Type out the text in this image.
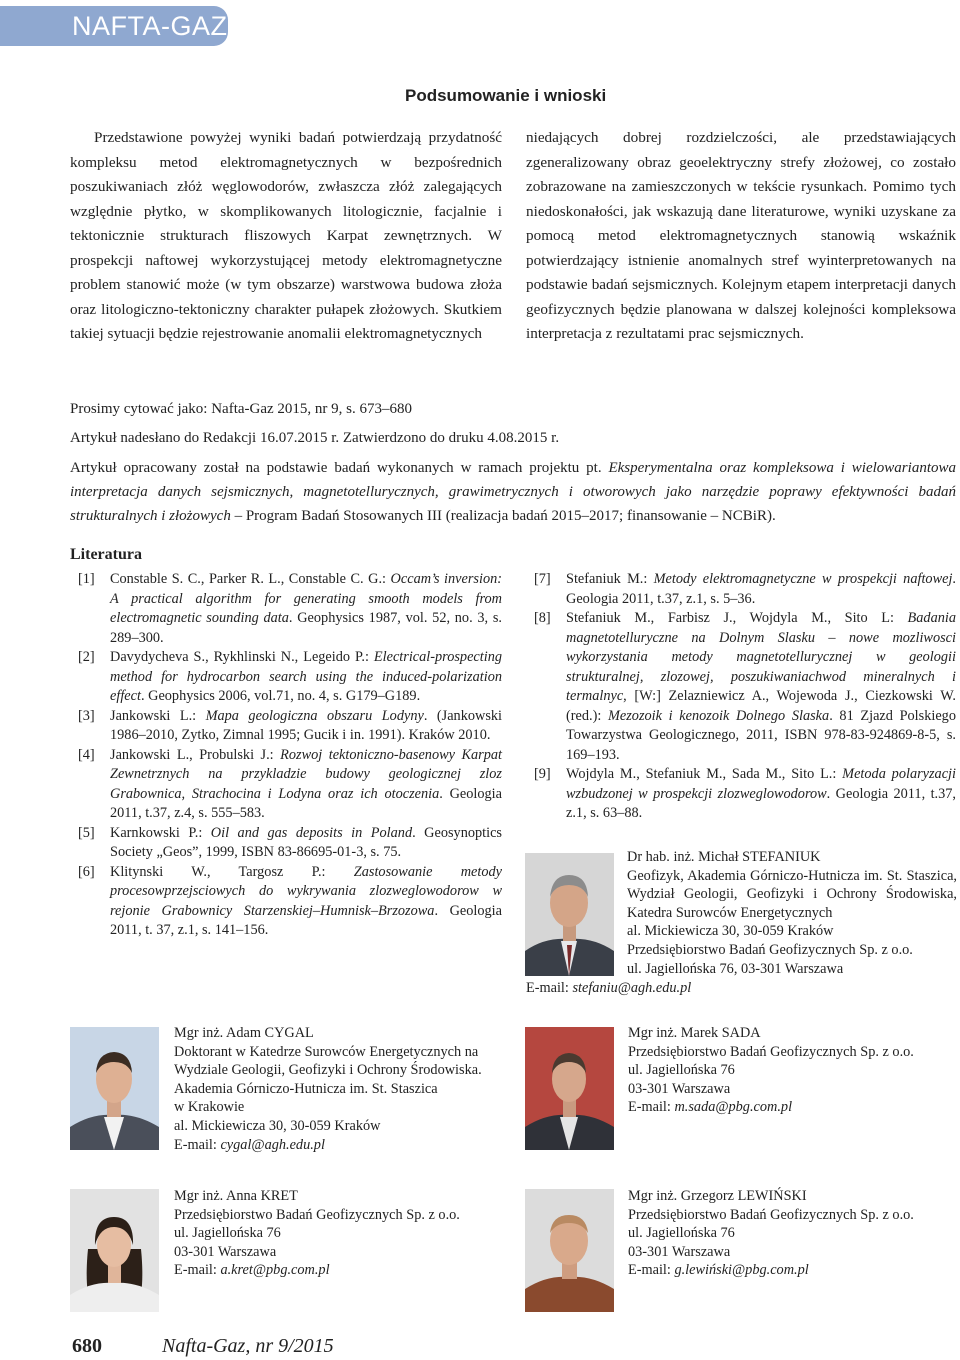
NAFTA-GAZ
Podsumowanie i wnioski

Przedstawione powyżej wyniki badań potwierdzają przydatność kompleksu metod elektromagnetycznych w bezpośrednich poszukiwaniach złóż węglowodorów, zwłaszcza złóż zalegających względnie płytko, w skomplikowanych litologicznie, facjalnie i tektonicznie strukturach fliszowych Karpat zewnętrznych. W prospekcji naftowej wykorzystującej metody elektromagnetyczne problem stanowić może (w tym obszarze) warstwowa budowa złoża oraz litologiczno-tektoniczny charakter pułapek złożowych. Skutkiem takiej sytuacji będzie rejestrowanie anomalii elektromagnetycznych

niedających dobrej rozdzielczości, ale przedstawiających zgeneralizowany obraz geoelektryczny strefy złożowej, co zostało zobrazowane na zamieszczonych w tekście rysunkach. Pomimo tych niedoskonałości, jak wskazują dane literaturowe, wyniki uzyskane za pomocą metod elektromagnetycznych stanowią wskaźnik potwierdzający istnienie anomalnych stref wyinterpretowanych na podstawie badań sejsmicznych. Kolejnym etapem interpretacji danych geofizycznych będzie planowana w dalszej kolejności kompleksowa interpretacja z rezultatami prac sejsmicznych.

Prosimy cytować jako: Nafta-Gaz 2015, nr 9, s. 673–680
Artykuł nadesłano do Redakcji 16.07.2015 r. Zatwierdzono do druku 4.08.2015 r.
Artykuł opracowany został na podstawie badań wykonanych w ramach projektu pt. Eksperymentalna oraz kompleksowa i wielowariantowa interpretacja danych sejsmicznych, magnetotellurycznych, grawimetrycznych i otworowych jako narzędzie poprawy efektywności badań strukturalnych i złożowych – Program Badań Stosowanych III (realizacja badań 2015–2017; finansowanie – NCBiR).
Literatura
[1] Constable S. C., Parker R. L., Constable C. G.: Occam’s inversion: A practical algorithm for generating smooth models from electromagnetic sounding data. Geophysics 1987, vol. 52, no. 3, s. 289–300.
[2] Davydycheva S., Rykhlinski N., Legeido P.: Electrical-prospecting method for hydrocarbon search using the induced-polarization effect. Geophysics 2006, vol.71, no. 4, s. G179–G189.
[3] Jankowski L.: Mapa geologiczna obszaru Lodyny. (Jankowski 1986–2010, Zytko, Zimnal 1995; Gucik i in. 1991). Kraków 2010.
[4] Jankowski L., Probulski J.: Rozwoj tektoniczno-basenowy Karpat Zewnetrznych na przykladzie budowy geologicznej zloz Grabownica, Strachocina i Lodyna oraz ich otoczenia. Geologia 2011, t.37, z.4, s. 555–583.
[5] Karnkowski P.: Oil and gas deposits in Poland. Geosynoptics Society „Geos”, 1999, ISBN 83-86695-01-3, s. 75.
[6] Klitynski W., Targosz P.: Zastosowanie metody procesowprzejsciowych do wykrywania zlozweglowodorow w rejonie Grabownicy Starzenskiej–Humnisk–Brzozowa. Geologia 2011, t. 37, z.1, s. 141–156.
[7] Stefaniuk M.: Metody elektromagnetyczne w prospekcji naftowej. Geologia 2011, t.37, z.1, s. 5–36.
[8] Stefaniuk M., Farbisz J., Wojdyla M., Sito L: Badania magnetotelluryczne na Dolnym Slasku – nowe mozliwosci wykorzystania metody magnetotellurycznej w geologii strukturalnej, zlozowej, poszukiwaniachwod mineralnych i termalnyc, [W:] Zelazniewicz A., Wojewoda J., Ciezkowski W. (red.): Mezozoik i kenozoik Dolnego Slaska. 81 Zjazd Polskiego Towarzystwa Geologicznego, 2011, ISBN 978-83-924869-8-5, s. 169–193.
[9] Wojdyla M., Stefaniuk M., Sada M., Sito L.: Metoda polaryzacji wzbudzonej w prospekcji zlozweglowodorow. Geologia 2011, t.37, z.1, s. 63–88.
Dr hab. inż. Michał STEFANIUK
Geofizyk, Akademia Górniczo-Hutnicza im. St. Staszica, Wydział Geologii, Geofizyki i Ochrony Środowiska, Katedra Surowców Energetycznych
al. Mickiewicza 30, 30-059 Kraków
Przedsiębiorstwo Badań Geofizycznych Sp. z o.o.
ul. Jagiellońska 76, 03-301 Warszawa
E-mail: stefaniu@agh.edu.pl
Mgr inż. Adam CYGAL
Doktorant w Katedrze Surowców Energetycznych na
Wydziale Geologii, Geofizyki i Ochrony Środowiska.
Akademia Górniczo-Hutnicza im. St. Staszica
w Krakowie
al. Mickiewicza 30, 30-059 Kraków
E-mail: cygal@agh.edu.pl
Mgr inż. Marek SADA
Przedsiębiorstwo Badań Geofizycznych Sp. z o.o.
ul. Jagiellońska 76
03-301 Warszawa
E-mail: m.sada@pbg.com.pl
Mgr inż. Anna KRET
Przedsiębiorstwo Badań Geofizycznych Sp. z o.o.
ul. Jagiellońska 76
03-301 Warszawa
E-mail: a.kret@pbg.com.pl
Mgr inż. Grzegorz LEWIŃSKI
Przedsiębiorstwo Badań Geofizycznych Sp. z o.o.
ul. Jagiellońska 76
03-301 Warszawa
E-mail: g.lewiński@pbg.com.pl
680	Nafta-Gaz, nr 9/2015
